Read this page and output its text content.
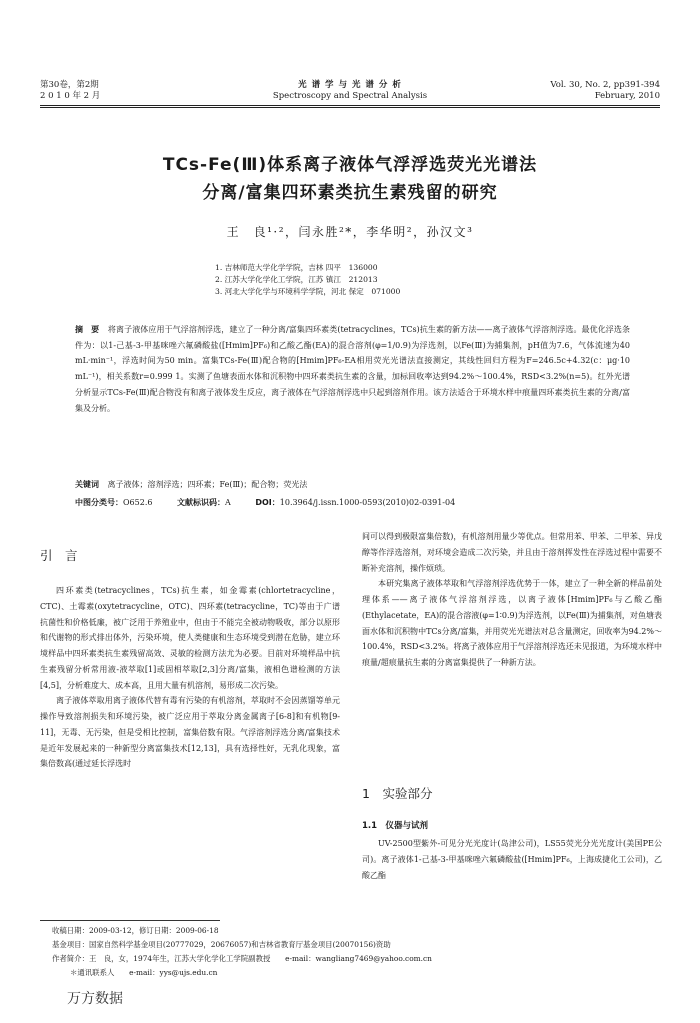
第30卷，第2期
2 0 1 0 年 2 月
光 谱 学 与 光 谱 分 析
Spectroscopy and Spectral Analysis
Vol. 30, No. 2, pp391-394
February, 2010
TCs-Fe(Ⅲ)体系离子液体气浮浮选荧光光谱法
分离/富集四环素类抗生素残留的研究
王　良¹·²，闫永胜²*，李华明²，孙汉文³
1. 吉林师范大学化学学院，吉林 四平　136000
2. 江苏大学化学化工学院，江苏 镇江　212013
3. 河北大学化学与环境科学学院，河北 保定　071000
摘　要 将离子液体应用于气浮溶剂浮选，建立了一种分离/富集四环素类(tetracyclines，TCs)抗生素的新方法——离子液体气浮溶剂浮选。最优化浮选条件为：以1-己基-3-甲基咪唑六氟磷酸盐([Hmim]PF₆)和乙酸乙酯(EA)的混合溶剂(φ=1/0.9)为浮选剂，以Fe(Ⅲ)为捕集剂，pH值为7.6，气体流速为40 mL·min⁻¹，浮选时间为50 min。富集TCs-Fe(Ⅲ)配合物的[Hmim]PF₆-EA相用荧光光谱法直接测定，其线性回归方程为F=246.5c+4.32(c：μg·10 mL⁻¹)，相关系数r=0.999 1。实测了鱼塘表面水体和沉积物中四环素类抗生素的含量，加标回收率达到94.2%～100.4%，RSD<3.2%(n=5)。红外光谱分析显示TCs-Fe(Ⅲ)配合物没有和离子液体发生反应，离子液体在气浮溶剂浮选中只起到溶剂作用。该方法适合于环境水样中痕量四环素类抗生素的分离/富集及分析。
关键词 离子液体；溶剂浮选；四环素；Fe(Ⅲ)；配合物；荧光法
中图分类号：O652.6	文献标识码：A	DOI：10.3964/j.issn.1000-0593(2010)02-0391-04
引　言

四环素类(tetracyclines，TCs)抗生素，如金霉素(chlortetracycline，CTC)、土霉素(oxytetracycline，OTC)、四环素(tetracycline，TC)等由于广谱抗菌性和价格低廉，被广泛用于养殖业中，但由于不能完全被动物吸收，部分以原形和代谢物的形式排出体外，污染环境，使人类健康和生态环境受到潜在危胁，建立环境样品中四环素类抗生素残留高效、灵敏的检测方法尤为必要。目前对环境样品中抗生素残留分析常用液-液萃取[1]或固相萃取[2,3]分离/富集，液相色谱检测的方法[4,5]，分析难度大、成本高，且用大量有机溶剂，易形成二次污染。

离子液体萃取用离子液体代替有毒有污染的有机溶剂，萃取时不会因蒸馏等单元操作导致溶剂损失和环境污染，被广泛应用于萃取分离金属离子[6-8]和有机物[9-11]，无毒、无污染，但是受相比控制，富集倍数有限。气浮溶剂浮选分离/富集技术是近年发展起来的一种新型分离富集技术[12,13]，具有选择性好，无乳化现象，富集倍数高(通过延长浮选时

间可以得到极限富集倍数)，有机溶剂用量少等优点。但常用苯、甲苯、二甲苯、异戊醇等作浮选溶剂，对环境会造成二次污染，并且由于溶剂挥发性在浮选过程中需要不断补充溶剂，操作烦琐。

本研究集离子液体萃取和气浮溶剂浮选优势于一体，建立了一种全新的样品前处理体系——离子液体气浮溶剂浮选，以离子液体[Hmim]PF₆与乙酸乙酯(Ethylacetate，EA)的混合溶液(φ=1∶0.9)为浮选剂，以Fe(Ⅲ)为捕集剂，对鱼塘表面水体和沉积物中TCs分离/富集，并用荧光光谱法对总含量测定，回收率为94.2%～100.4%，RSD<3.2%。将离子液体应用于气浮溶剂浮选还未见报道，为环境水样中痕量/超痕量抗生素的分离富集提供了一种新方法。

1　实验部分
1.1　仪器与试剂

UV-2500型紫外-可见分光光度计(岛津公司)，LS55荧光分光光度计(美国PE公司)。离子液体1-己基-3-甲基咪唑六氟磷酸盐([Hmim]PF₆，上海成捷化工公司)，乙酸乙酯

收稿日期：2009-03-12，修订日期：2009-06-18
基金项目：国家自然科学基金项目(20777029，20676057)和吉林省教育厅基金项目(20070156)资助
作者简介：王　良，女，1974年生，江苏大学化学化工学院副教授　　e-mail：wangliang7469@yahoo.com.cn
＊通讯联系人　　e-mail：yys@ujs.edu.cn
万方数据
